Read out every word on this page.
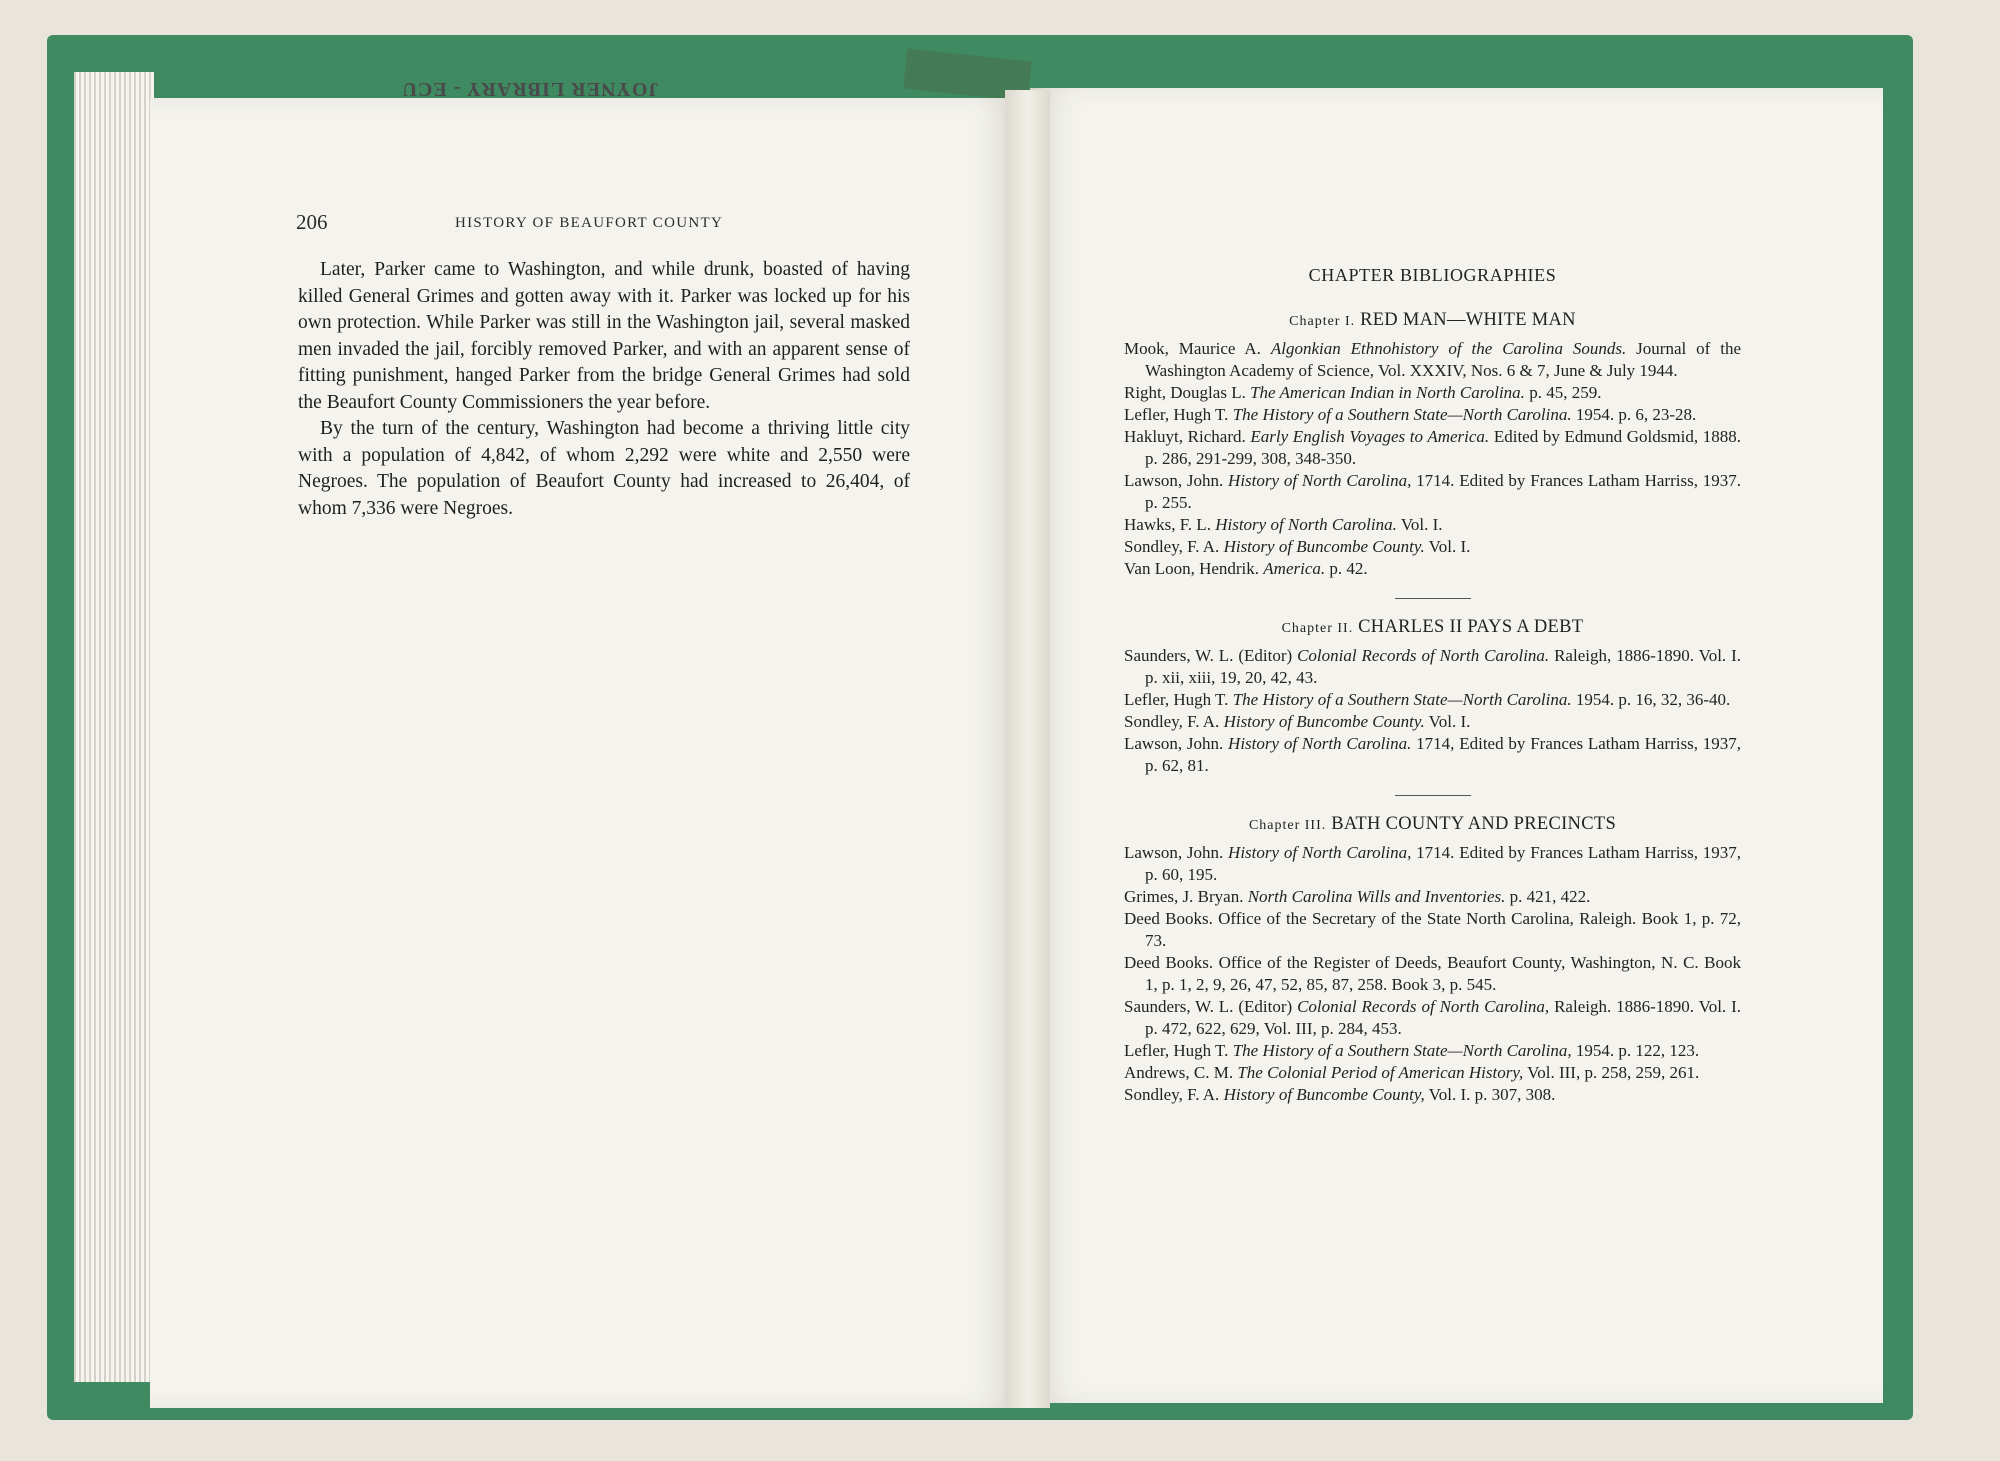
JOYNER LIBRARY - ECU
206	HISTORY OF BEAUFORT COUNTY

Later, Parker came to Washington, and while drunk, boasted of having killed General Grimes and gotten away with it. Parker was locked up for his own protection. While Parker was still in the Washington jail, several masked men invaded the jail, forcibly removed Parker, and with an apparent sense of fitting punishment, hanged Parker from the bridge General Grimes had sold the Beaufort County Commissioners the year before.

By the turn of the century, Washington had become a thriving little city with a population of 4,842, of whom 2,292 were white and 2,550 were Negroes. The population of Beaufort County had increased to 26,404, of whom 7,336 were Negroes.

CHAPTER BIBLIOGRAPHIES
Chapter I. RED MAN—WHITE MAN

Mook, Maurice A. Algonkian Ethnohistory of the Carolina Sounds. Journal of the Washington Academy of Science, Vol. XXXIV, Nos. 6 & 7, June & July 1944.

Right, Douglas L. The American Indian in North Carolina. p. 45, 259.

Lefler, Hugh T. The History of a Southern State—North Carolina. 1954. p. 6, 23-28.

Hakluyt, Richard. Early English Voyages to America. Edited by Edmund Goldsmid, 1888. p. 286, 291-299, 308, 348-350.

Lawson, John. History of North Carolina, 1714. Edited by Frances Latham Harriss, 1937. p. 255.

Hawks, F. L. History of North Carolina. Vol. I.

Sondley, F. A. History of Buncombe County. Vol. I.

Van Loon, Hendrik. America. p. 42.

Chapter II. CHARLES II PAYS A DEBT

Saunders, W. L. (Editor) Colonial Records of North Carolina. Raleigh, 1886-1890. Vol. I. p. xii, xiii, 19, 20, 42, 43.

Lefler, Hugh T. The History of a Southern State—North Carolina. 1954. p. 16, 32, 36-40.

Sondley, F. A. History of Buncombe County. Vol. I.

Lawson, John. History of North Carolina. 1714, Edited by Frances Latham Harriss, 1937, p. 62, 81.

Chapter III. BATH COUNTY AND PRECINCTS

Lawson, John. History of North Carolina, 1714. Edited by Frances Latham Harriss, 1937, p. 60, 195.

Grimes, J. Bryan. North Carolina Wills and Inventories. p. 421, 422.

Deed Books. Office of the Secretary of the State North Carolina, Raleigh. Book 1, p. 72, 73.

Deed Books. Office of the Register of Deeds, Beaufort County, Washington, N. C. Book 1, p. 1, 2, 9, 26, 47, 52, 85, 87, 258. Book 3, p. 545.

Saunders, W. L. (Editor) Colonial Records of North Carolina, Raleigh. 1886-1890. Vol. I. p. 472, 622, 629, Vol. III, p. 284, 453.

Lefler, Hugh T. The History of a Southern State—North Carolina, 1954. p. 122, 123.

Andrews, C. M. The Colonial Period of American History, Vol. III, p. 258, 259, 261.

Sondley, F. A. History of Buncombe County, Vol. I. p. 307, 308.
